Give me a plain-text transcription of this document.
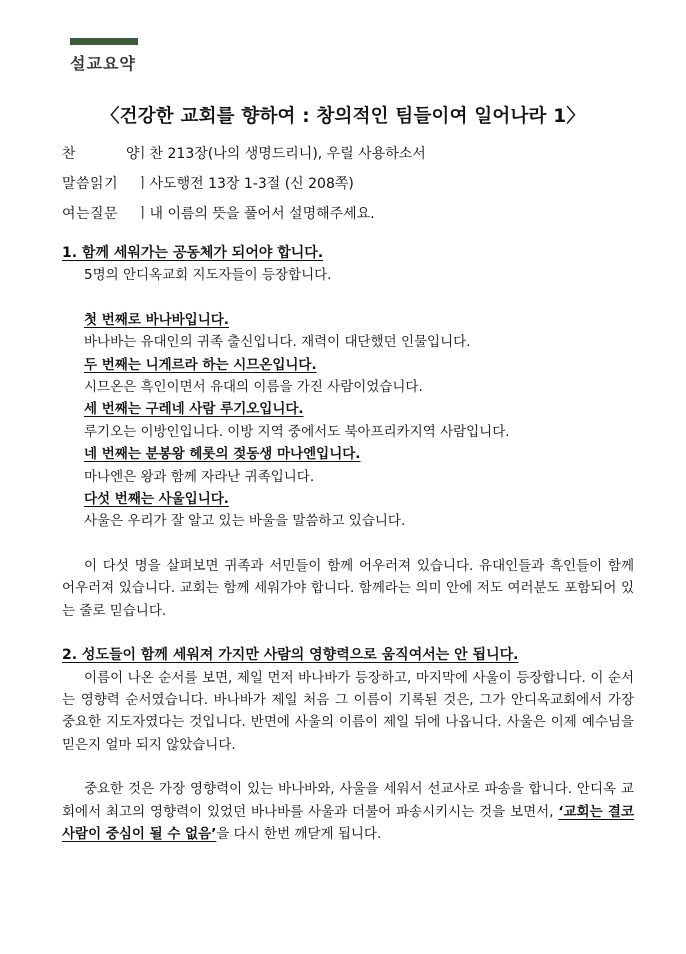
설교요약
〈건강한 교회를 향하여 : 창의적인 팀들이여 일어나라 1〉
찬 양ㅣ찬 213장(나의 생명드리니), 우릴 사용하소서
말씀읽기 ㅣ사도행전 13장 1-3절 (신 208쪽)
여는질문 ㅣ내 이름의 뜻을 풀어서 설명해주세요.

1. 함께 세워가는 공동체가 되어야 합니다.

5명의 안디옥교회 지도자들이 등장합니다.

첫 번째로 바나바입니다.

바나바는 유대인의 귀족 출신입니다. 재력이 대단했던 인물입니다.

두 번째는 니게르라 하는 시므온입니다.

시므온은 흑인이면서 유대의 이름을 가진 사람이었습니다.

세 번째는 구레네 사람 루기오입니다.

루기오는 이방인입니다. 이방 지역 중에서도 북아프리카지역 사람입니다.

네 번째는 분봉왕 헤롯의 젖동생 마나엔입니다.

마나엔은 왕과 함께 자라난 귀족입니다.

다섯 번째는 사울입니다.

사울은 우리가 잘 알고 있는 바울을 말씀하고 있습니다.

이 다섯 명을 살펴보면 귀족과 서민들이 함께 어우러져 있습니다. 유대인들과 흑인들이 함께 어우러져 있습니다. 교회는 함께 세워가야 합니다. 함께라는 의미 안에 저도 여러분도 포함되어 있는 줄로 믿습니다.

2. 성도들이 함께 세워져 가지만 사람의 영향력으로 움직여서는 안 됩니다.

이름이 나온 순서를 보면, 제일 먼저 바나바가 등장하고, 마지막에 사울이 등장합니다. 이 순서는 영향력 순서였습니다. 바나바가 제일 처음 그 이름이 기록된 것은, 그가 안디옥교회에서 가장 중요한 지도자였다는 것입니다. 반면에 사울의 이름이 제일 뒤에 나옵니다. 사울은 이제 예수님을 믿은지 얼마 되지 않았습니다.

중요한 것은 가장 영향력이 있는 바나바와, 사울을 세워서 선교사로 파송을 합니다. 안디옥 교회에서 최고의 영향력이 있었던 바나바를 사울과 더불어 파송시키시는 것을 보면서, ‘교회는 결코 사람이 중심이 될 수 없음’을 다시 한번 깨닫게 됩니다.
